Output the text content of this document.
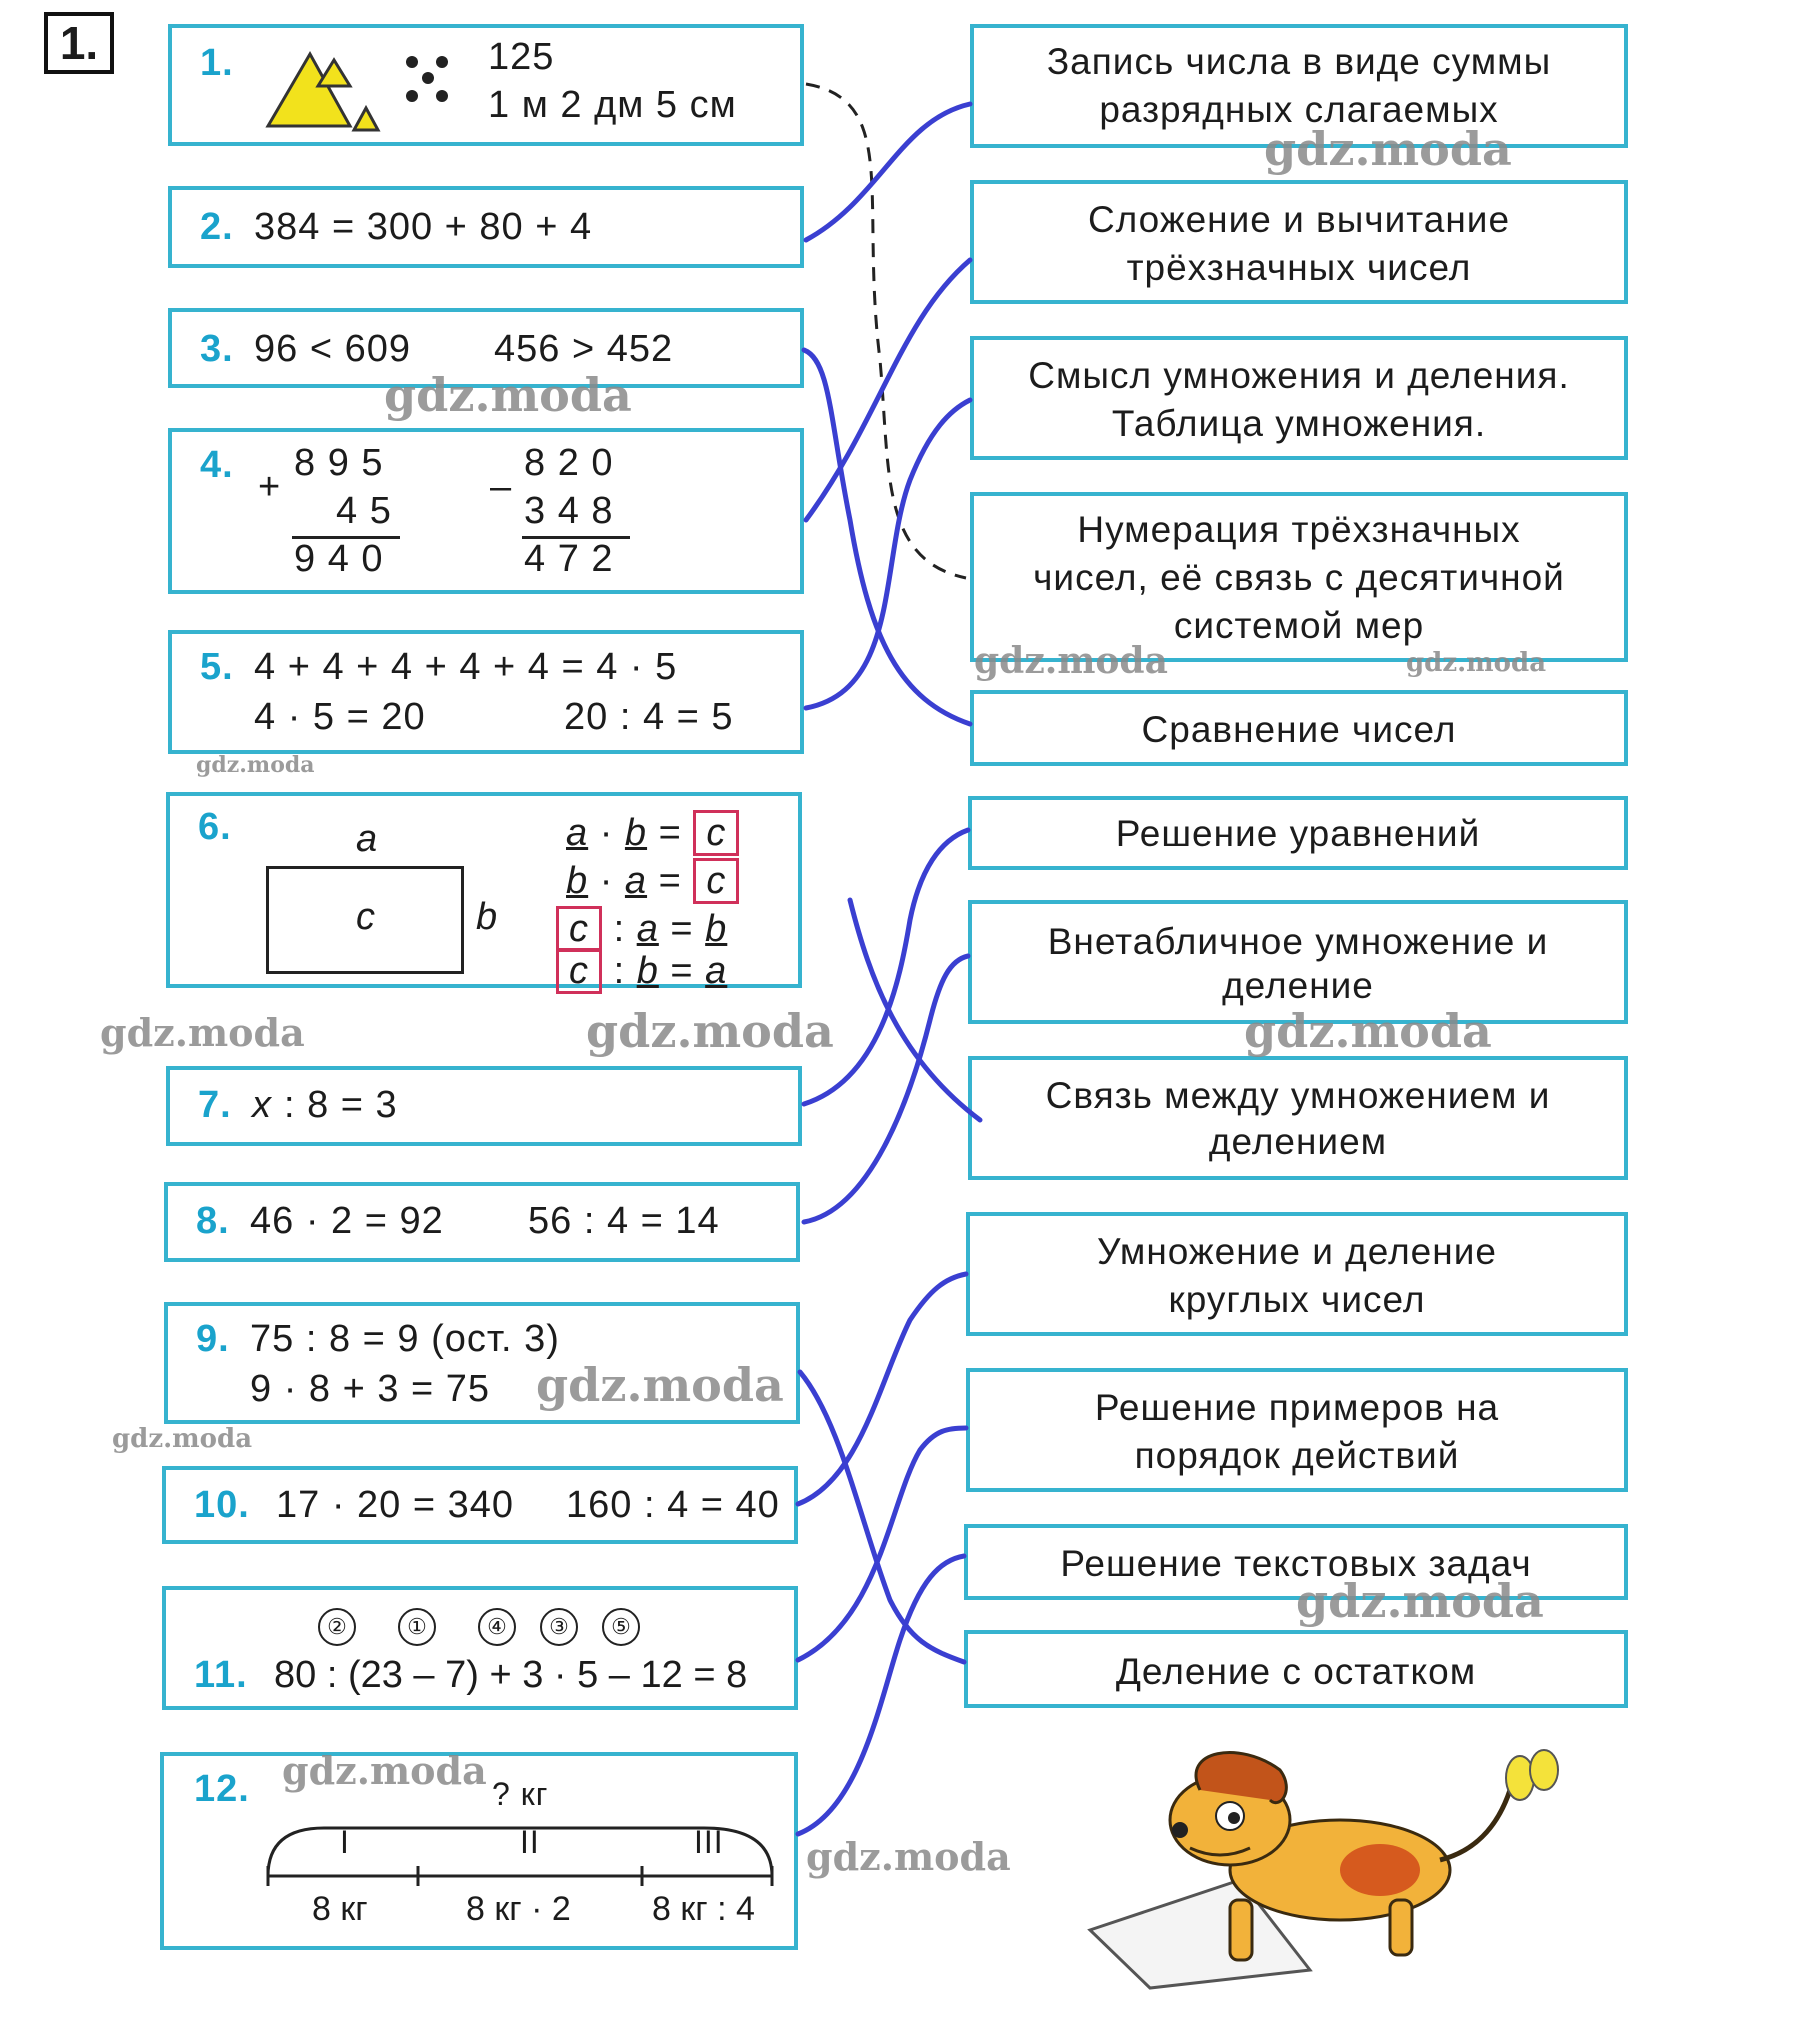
1.	1.	125
1 м 2 дм 5 см
2. 384 = 300 + 80 + 4
3. 96 < 609 456 > 452
4.
+
8 9 5
4 5
9 4 0
–
8 2 0
3 4 8
4 7 2
5. 4 + 4 + 4 + 4 + 4 = 4 · 5
4 · 5 = 20	20 : 4 = 5
6.	a
c	b
a · b = c
b · a = c
c : a = b
c : b = a
7. x : 8 = 3
8. 46 · 2 = 92 56 : 4 = 14
9. 75 : 8 = 9 (ост. 3)
9 · 8 + 3 = 75
10. 17 · 20 = 340 160 : 4 = 40
②	①	④ ③ ⑤
11. 80 : (23 – 7) + 3 · 5 – 12 = 8
12.	? кг
I	II	III
8 кг	8 кг · 2 8 кг : 4
Запись числа в виде суммы
разрядных слагаемых
Сложение и вычитание
трёхзначных чисел
Смысл умножения и деления.
Таблица умножения.
Нумерация трёхзначных
чисел, её связь с десятичной
системой мер
Сравнение чисел
Решение уравнений
Внетабличное умножение и
деление
Связь между умножением и
делением
Умножение и деление
круглых чисел
Решение примеров на
порядок действий
Решение текстовых задач
Деление с остатком
gdz.moda
gdz.moda
gdz.moda	gdz.moda
gdz.moda
gdz.moda	gdz.moda	gdz.moda
gdz.moda
gdz.moda
gdz.moda
gdz.moda
gdz.moda
